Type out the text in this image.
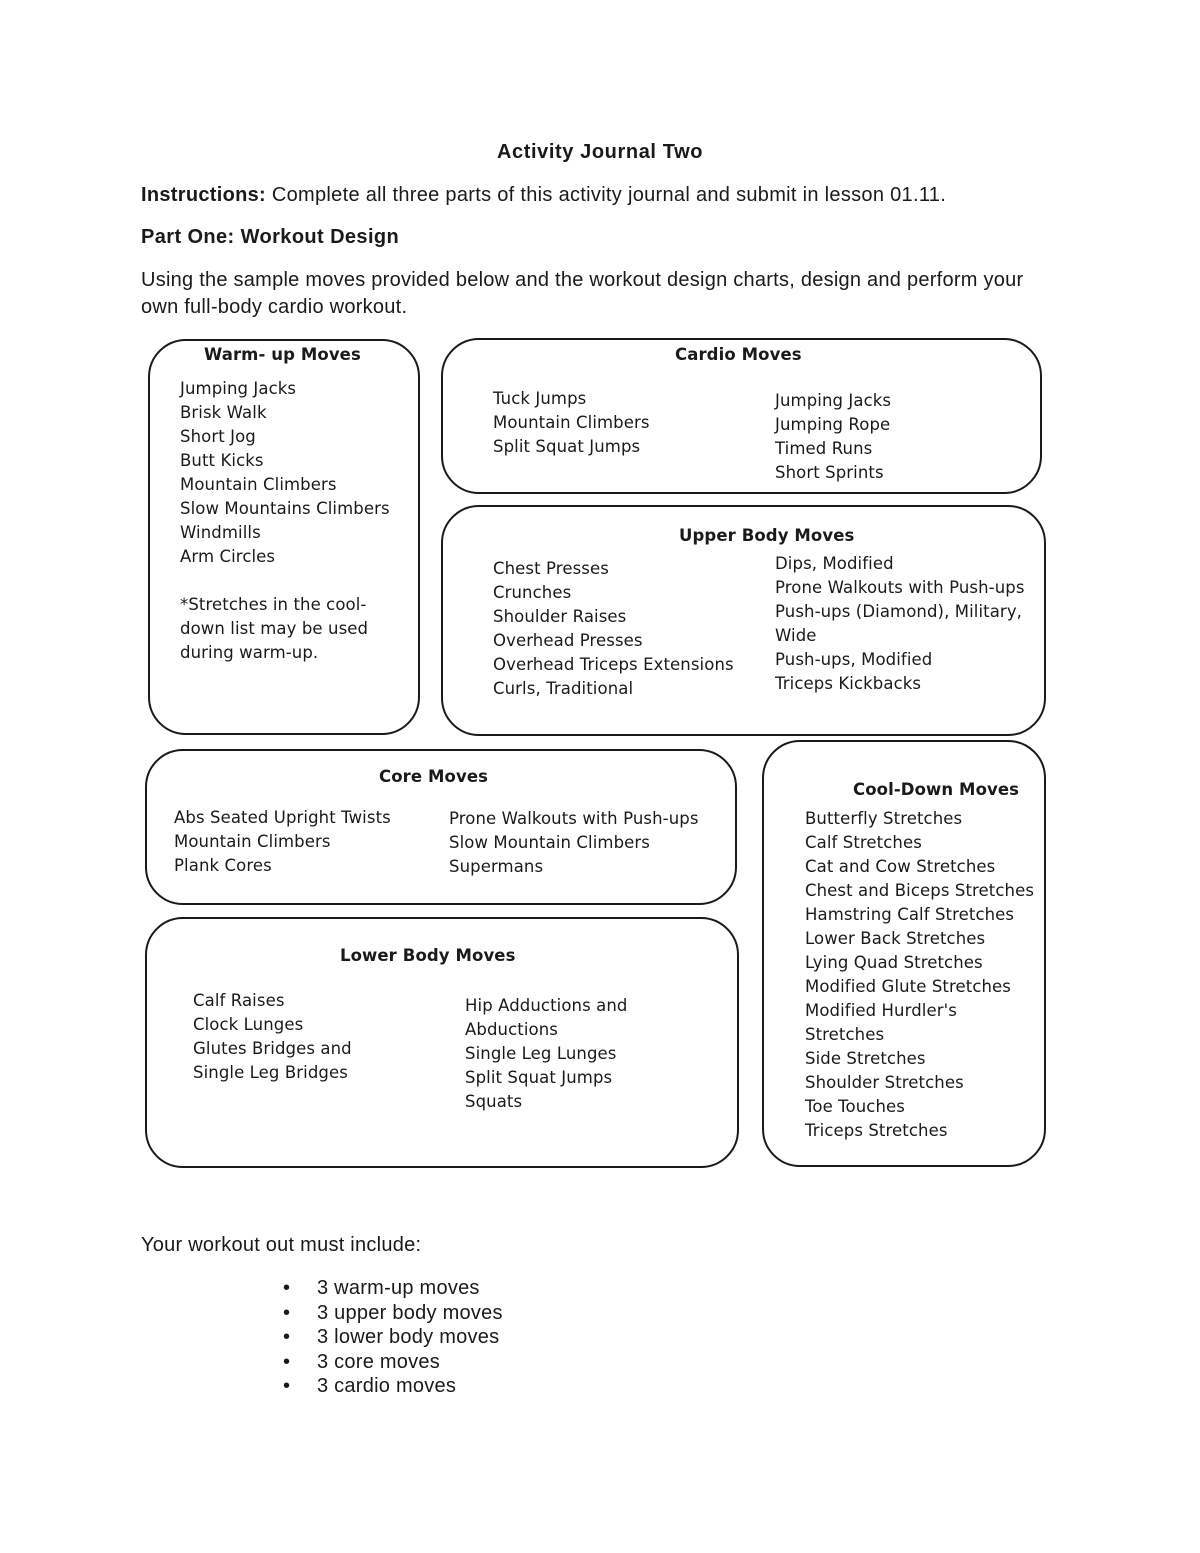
Activity Journal Two
Instructions: Complete all three parts of this activity journal and submit in lesson 01.11.
Part One: Workout Design
Using the sample moves provided below and the workout design charts, design and perform your own full-body cardio workout.
Warm- up Moves
Jumping Jacks
Brisk Walk
Short Jog
Butt Kicks
Mountain Climbers
Slow Mountains Climbers
Windmills
Arm Circles
*Stretches in the cool-
down list may be used
during warm-up.
Cardio Moves
Tuck Jumps
Mountain Climbers
Split Squat Jumps
Jumping Jacks
Jumping Rope
Timed Runs
Short Sprints
Upper Body Moves
Chest Presses
Crunches
Shoulder Raises
Overhead Presses
Overhead Triceps Extensions
Curls, Traditional
Dips, Modified
Prone Walkouts with Push-ups
Push-ups (Diamond), Military,
Wide
Push-ups, Modified
Triceps Kickbacks
Core Moves
Abs Seated Upright Twists
Mountain Climbers
Plank Cores
Prone Walkouts with Push-ups
Slow Mountain Climbers
Supermans
Cool-Down Moves
Butterfly Stretches
Calf Stretches
Cat and Cow Stretches
Chest and Biceps Stretches
Hamstring Calf Stretches
Lower Back Stretches
Lying Quad Stretches
Modified Glute Stretches
Modified Hurdler's
Stretches
Side Stretches
Shoulder Stretches
Toe Touches
Triceps Stretches
Lower Body Moves
Calf Raises
Clock Lunges
Glutes Bridges and
Single Leg Bridges
Hip Adductions and
Abductions
Single Leg Lunges
Split Squat Jumps
Squats
Your workout out must include:
• 3 warm-up moves
• 3 upper body moves
• 3 lower body moves
• 3 core moves
• 3 cardio moves
